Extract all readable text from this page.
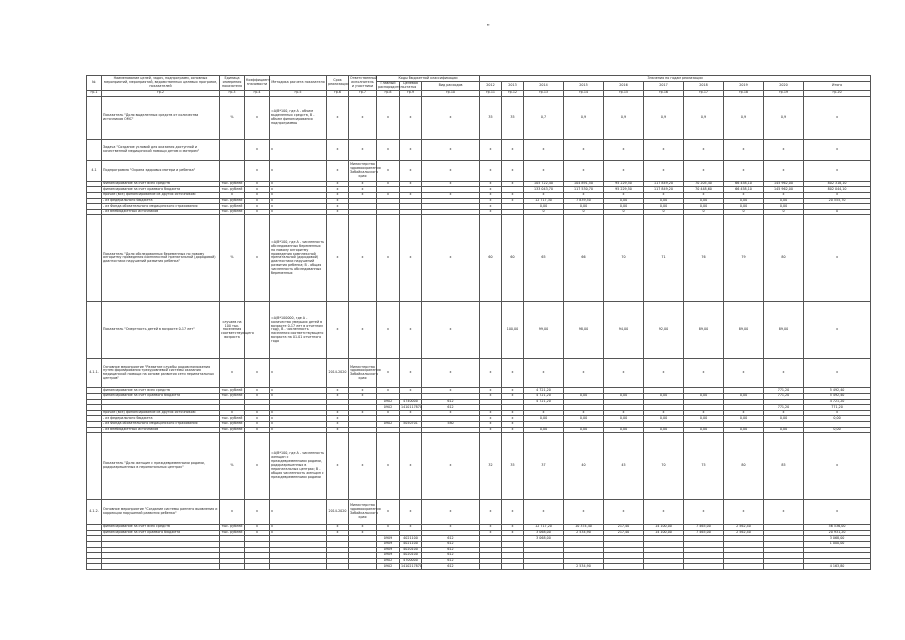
"
№	Наименование целей, задач, подпрограмм, основных мероприятий, мероприятий, ведомственных целевых программ, показателей	Единица измерения показателя	Коэффициент значимости	Методика расчета показателя	Срок реализации	Ответственный исполнитель и участники	Коды бюджетной классификации			Значения по годам реализации									
							Главный распорядитель	Целевая статья	Вид расходов	2012	2013	2014	2015	2016	2017	2018	2019	2020	Итого

гр.1	гр.2	гр.3	гр.4	гр.5	гр.6	гр.7	гр.8	гр.9	гр.10	гр.11	гр.12	гр.13	гр.14	гр.15	гр.16	гр.17	гр.18	гр.19	гр.20
	Показатель "Доля выделенных средств от количества источников ОМС"	%	х	=A/B*100, где А - объем выделенных средств, В - объем финансирования подпрограммы	х	х	х	х	х	35	35	0,7	0,9	0,9	0,9	0,9	0,9	0,9	х
	Задача "Создание условий для оказания доступной и качественной медицинской помощи детям и матерям"		х	х	х	х	х	х	х	х	х	х	х	х	х	х	х	х	х
4.1	Подпрограмма "Охрана здоровья матери и ребенка"		х	х	х	Министерство здравоохранения Забайкальского края	х	х	х	х	х	х	х	х	х	х	х	х	х
	Финансирование за счет всех средств	тыс. рублей	х	х	х	х	х	х	х	х	х	105 722,40	104 891,50	95 229,50	117 849,20	70 205,40	66 458,10	145 962,00	802 318,10
	финансирование за счет краевого бюджета	тыс. рублей	х	х	х	х				х		133 043,70	117 530,70	95 229,50	117 849,20	70 448,60	66 458,10	145 962,00	802 044,10
	прочие (все) финансирование из других источников:	х	х	х	х	х	х	х	х	х	х	х	х	х	х	х	х	х	х
	- из федерального бюджета	тыс. рублей	х	х	х					х	х	12 717,30	7 839,50	0,00	0,00	0,00	0,00	0,00	20 555,70
	- из Фонда обязательного медицинского страхования	тыс. рублей	х	х	х					х		0,00	0,00	0,00	0,00	0,00	0,00	0,00	
	- из внебюджетных источников	тыс. рублей	х	х	х					х		0	0	0	0	0	0	0	0
	Показатель "Доля обследованных беременных по новому алгоритму проведения комплексной пренатальной (дородовой) диагностики нарушений развития ребенка"	%	х	=A/B*100, где А - численность обследованных беременных по новому алгоритму проведения комплексной пренатальной (дородовой) диагностики нарушений развития ребенка; В - общая численность обследованных беременных	х	х	х	х	х	60	60	65	66	70	71	76	79	80	х
	Показатель "Смертность детей в возрасте 0-17 лет"	случаев на 100 тыс. населения соответствующего возраста		=A/B*100000, где А - количество умерших детей в возрасте 0-17 лет в отчетном году, В - численность населения соответствующего возраста на 01.01 отчетного года	х	х	х	х	х		100,00	99,00	98,00	94,00	92,00	89,00	89,00	89,00	х
4.1.1.	Основное мероприятие "Развитие службы родовспоможения путем формирования трехуровневой системы оказания медицинской помощи на основе развития сети перинатальных центров"	х	х	х	2014-2020	Министерство здравоохранения Забайкальского края	х	х	х	х	х	х	х	х	х	х	х	х	х
	финансирование за счет всех средств	тыс. рублей	х	х	х	х	х	х	х	х	х	4 721,20						771,20	5 492,40
	финансирование за счет краевого бюджета	тыс. рублей	х	х	х	х				х	х	4 721,20	0,00	0,00	0,00	0,00	0,00	771,20	5 492,40
							0902	4740000	612			4 721,20							4 721,20
							0902	1410117870	612									771,20	771,20
	прочие (все) финансирование из других источников:	х	х	х	х	х	х	х	х	х	х	х	х	х	х	х	х	х	х
	- из федерального бюджета	тыс. рублей	х	х	х					х	х	0,00	0,00	0,00	0,00	0,00	0,00	0,00	0,00
	- из Фонда обязательного медицинского страхования	тыс. рублей	х	х	х		0902	5050701	580	х	х								
	- из внебюджетных источников	тыс. рублей	х	х	х					х	х	0,00	0,00	0,00	0,00	0,00	0,00	0,00	0,00
	Показатель "Доля женщин с преждевременными родами, родоразрешенных в перинатальных центрах"	%	х	=A/B*100, где А - численность женщин с преждевременными родами, родоразрешенных в перинатальных центрах; В - общая численность женщин с преждевременными родами	х	х	х	х	х	32	35	37	40	45	70	75	80	85	х
4.1.2.	Основное мероприятие "Создание системы раннего выявления и коррекции нарушений развития ребенка"	х	х	х	2014-2020	Министерство здравоохранения Забайкальского края	х	х	х	х	х	х	х	х	х	х	х	х	х
	финансирование за счет всех средств	тыс. рублей	х	х	х	х	х	х	х	х	х	12 717,20	10 374,40	217,40	14 100,00	7 465,00	2 562,40		56 536,00
	финансирование за счет краевого бюджета	тыс. рублей	х	х	х	х				х	х	3 068,00	2 534,90	217,40	14 100,00	7 465,00	2 562,40		20 931,20
							0909	4021100	612			3 068,00							3 068,00
							0909	4021100	612										1 000,00
							0909	4020100	612										
							0909	4020100	612										
							0902	4700000	612										
							0902	1410217870	612				2 534,90						4 163,80
